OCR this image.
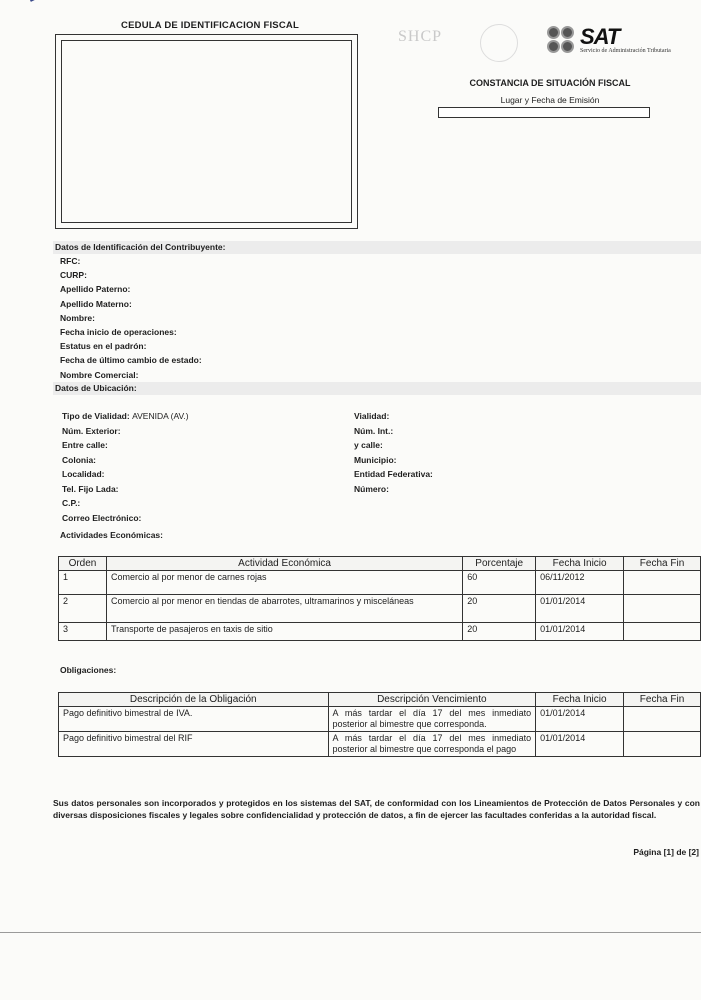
CEDULA DE IDENTIFICACION FISCAL
SHCP	SAT
Servicio de Administración Tributaria
CONSTANCIA DE SITUACIÓN FISCAL
Lugar y Fecha de Emisión
Datos de Identificación del Contribuyente:
RFC:
CURP:
Apellido Paterno:
Apellido Materno:
Nombre:
Fecha inicio de operaciones:
Estatus en el padrón:
Fecha de último cambio de estado:
Nombre Comercial:
Datos de Ubicación:
Tipo de Vialidad: AVENIDA (AV.)
Núm. Exterior:
Entre calle:
Colonia:
Localidad:
Tel. Fijo Lada:
C.P.:
Correo Electrónico:
Vialidad:
Núm. Int.:
y calle:
Municipio:
Entidad Federativa:
Número:
Actividades Económicas:
Orden	Actividad Económica	Porcentaje	Fecha Inicio	Fecha Fin
1	Comercio al por menor de carnes rojas	60	06/11/2012	
2	Comercio al por menor en tiendas de abarrotes, ultramarinos y misceláneas	20	01/01/2014	
3	Transporte de pasajeros en taxis de sitio	20	01/01/2014	
Obligaciones:
Descripción de la Obligación	Descripción Vencimiento	Fecha Inicio	Fecha Fin
Pago definitivo bimestral de IVA.	A más tardar el día 17 del mes inmediato posterior al bimestre que corresponda.	01/01/2014	
Pago definitivo bimestral del RIF	A más tardar el día 17 del mes inmediato posterior al bimestre que corresponda el pago	01/01/2014	
Sus datos personales son incorporados y protegidos en los sistemas del SAT, de conformidad con los Lineamientos de Protección de Datos Personales y con diversas disposiciones fiscales y legales sobre confidencialidad y protección de datos, a fin de ejercer las facultades conferidas a la autoridad fiscal.
Página [1] de [2]
